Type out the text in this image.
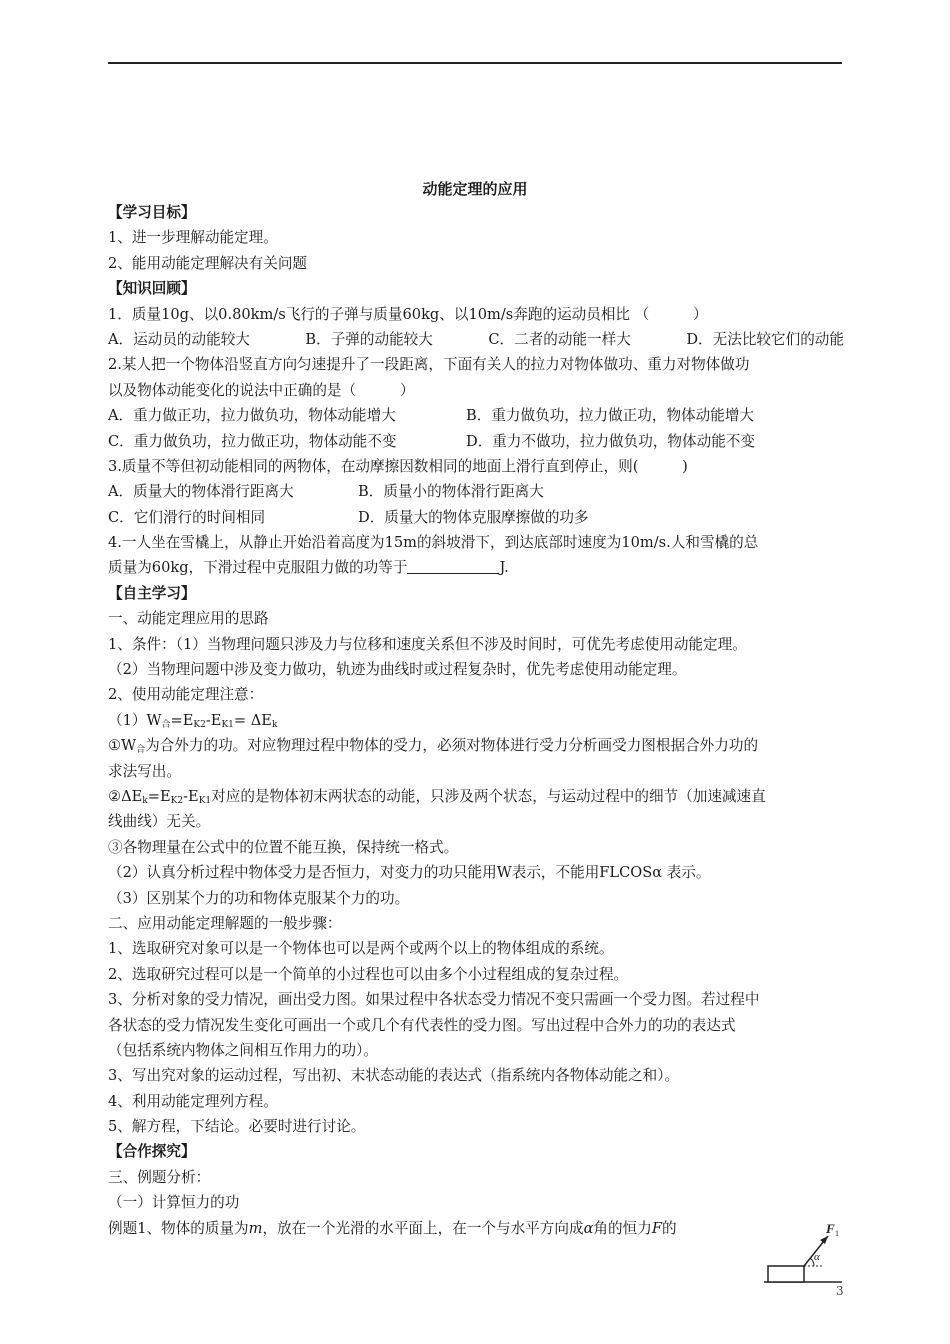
动能定理的应用
【学习目标】
1、进一步理解动能定理。
2、能用动能定理解决有关问题
【知识回顾】
1．质量10g、以0.80km/s飞行的子弹与质量60kg、以10m/s奔跑的运动员相比 （　　　）
A．运动员的动能较大	B．子弹的动能较大	C．二者的动能一样大	D．无法比较它们的动能
2.某人把一个物体沿竖直方向匀速提升了一段距离，下面有关人的拉力对物体做功、重力对物体做功
以及物体动能变化的说法中正确的是（　　　）
A．重力做正功，拉力做负功，物体动能增大	B．重力做负功，拉力做正功，物体动能增大
C．重力做负功，拉力做正功，物体动能不变	D．重力不做功，拉力做负功，物体动能不变
3.质量不等但初动能相同的两物体，在动摩擦因数相同的地面上滑行直到停止，则(　　　)
A．质量大的物体滑行距离大	B．质量小的物体滑行距离大
C．它们滑行的时间相同	D．质量大的物体克服摩擦做的功多
4.一人坐在雪橇上，从静止开始沿着高度为15m的斜坡滑下，到达底部时速度为10m/s.人和雪橇的总
质量为60kg，下滑过程中克服阻力做的功等于	J.
【自主学习】
一、动能定理应用的思路
1、条件：（1）当物理问题只涉及力与位移和速度关系但不涉及时间时，可优先考虑使用动能定理。
（2）当物理问题中涉及变力做功，轨迹为曲线时或过程复杂时，优先考虑使用动能定理。
2、使用动能定理注意：
$(1)W_合=E_{K2}-E_{K1}= \Delta E_k$
$①W_合$为合外力的功。对应物理过程中物体的受力，必须对物体进行受力分析画受力图根据合外力功的
求法写出。
$②\Delta E_k=E_{K2}-E_{K1}$对应的是物体初末两状态的动能，只涉及两个状态，与运动过程中的细节（加速减速直
线曲线）无关。
③各物理量在公式中的位置不能互换，保持统一格式。
（2）认真分析过程中物体受力是否恒力，对变力的功只能用W表示，不能用FLCOSα 表示。
（3）区别某个力的功和物体克服某个力的功。
二、应用动能定理解题的一般步骤：
1、选取研究对象可以是一个物体也可以是两个或两个以上的物体组成的系统。
2、选取研究过程可以是一个简单的小过程也可以由多个小过程组成的复杂过程。
3、分析对象的受力情况，画出受力图。如果过程中各状态受力情况不变只需画一个受力图。若过程中
各状态的受力情况发生变化可画出一个或几个有代表性的受力图。写出过程中合外力的功的表达式
（包括系统内物体之间相互作用力的功）。
3、写出究对象的运动过程，写出初、末状态动能的表达式（指系统内各物体动能之和）。
4、利用动能定理列方程。
5、解方程，下结论。必要时进行讨论。
【合作探究】
三、例题分析：
（一）计算恒力的功
例题1、物体的质量为m，放在一个光滑的水平面上，在一个与水平方向成α角的恒力F的	F 1
α
3
